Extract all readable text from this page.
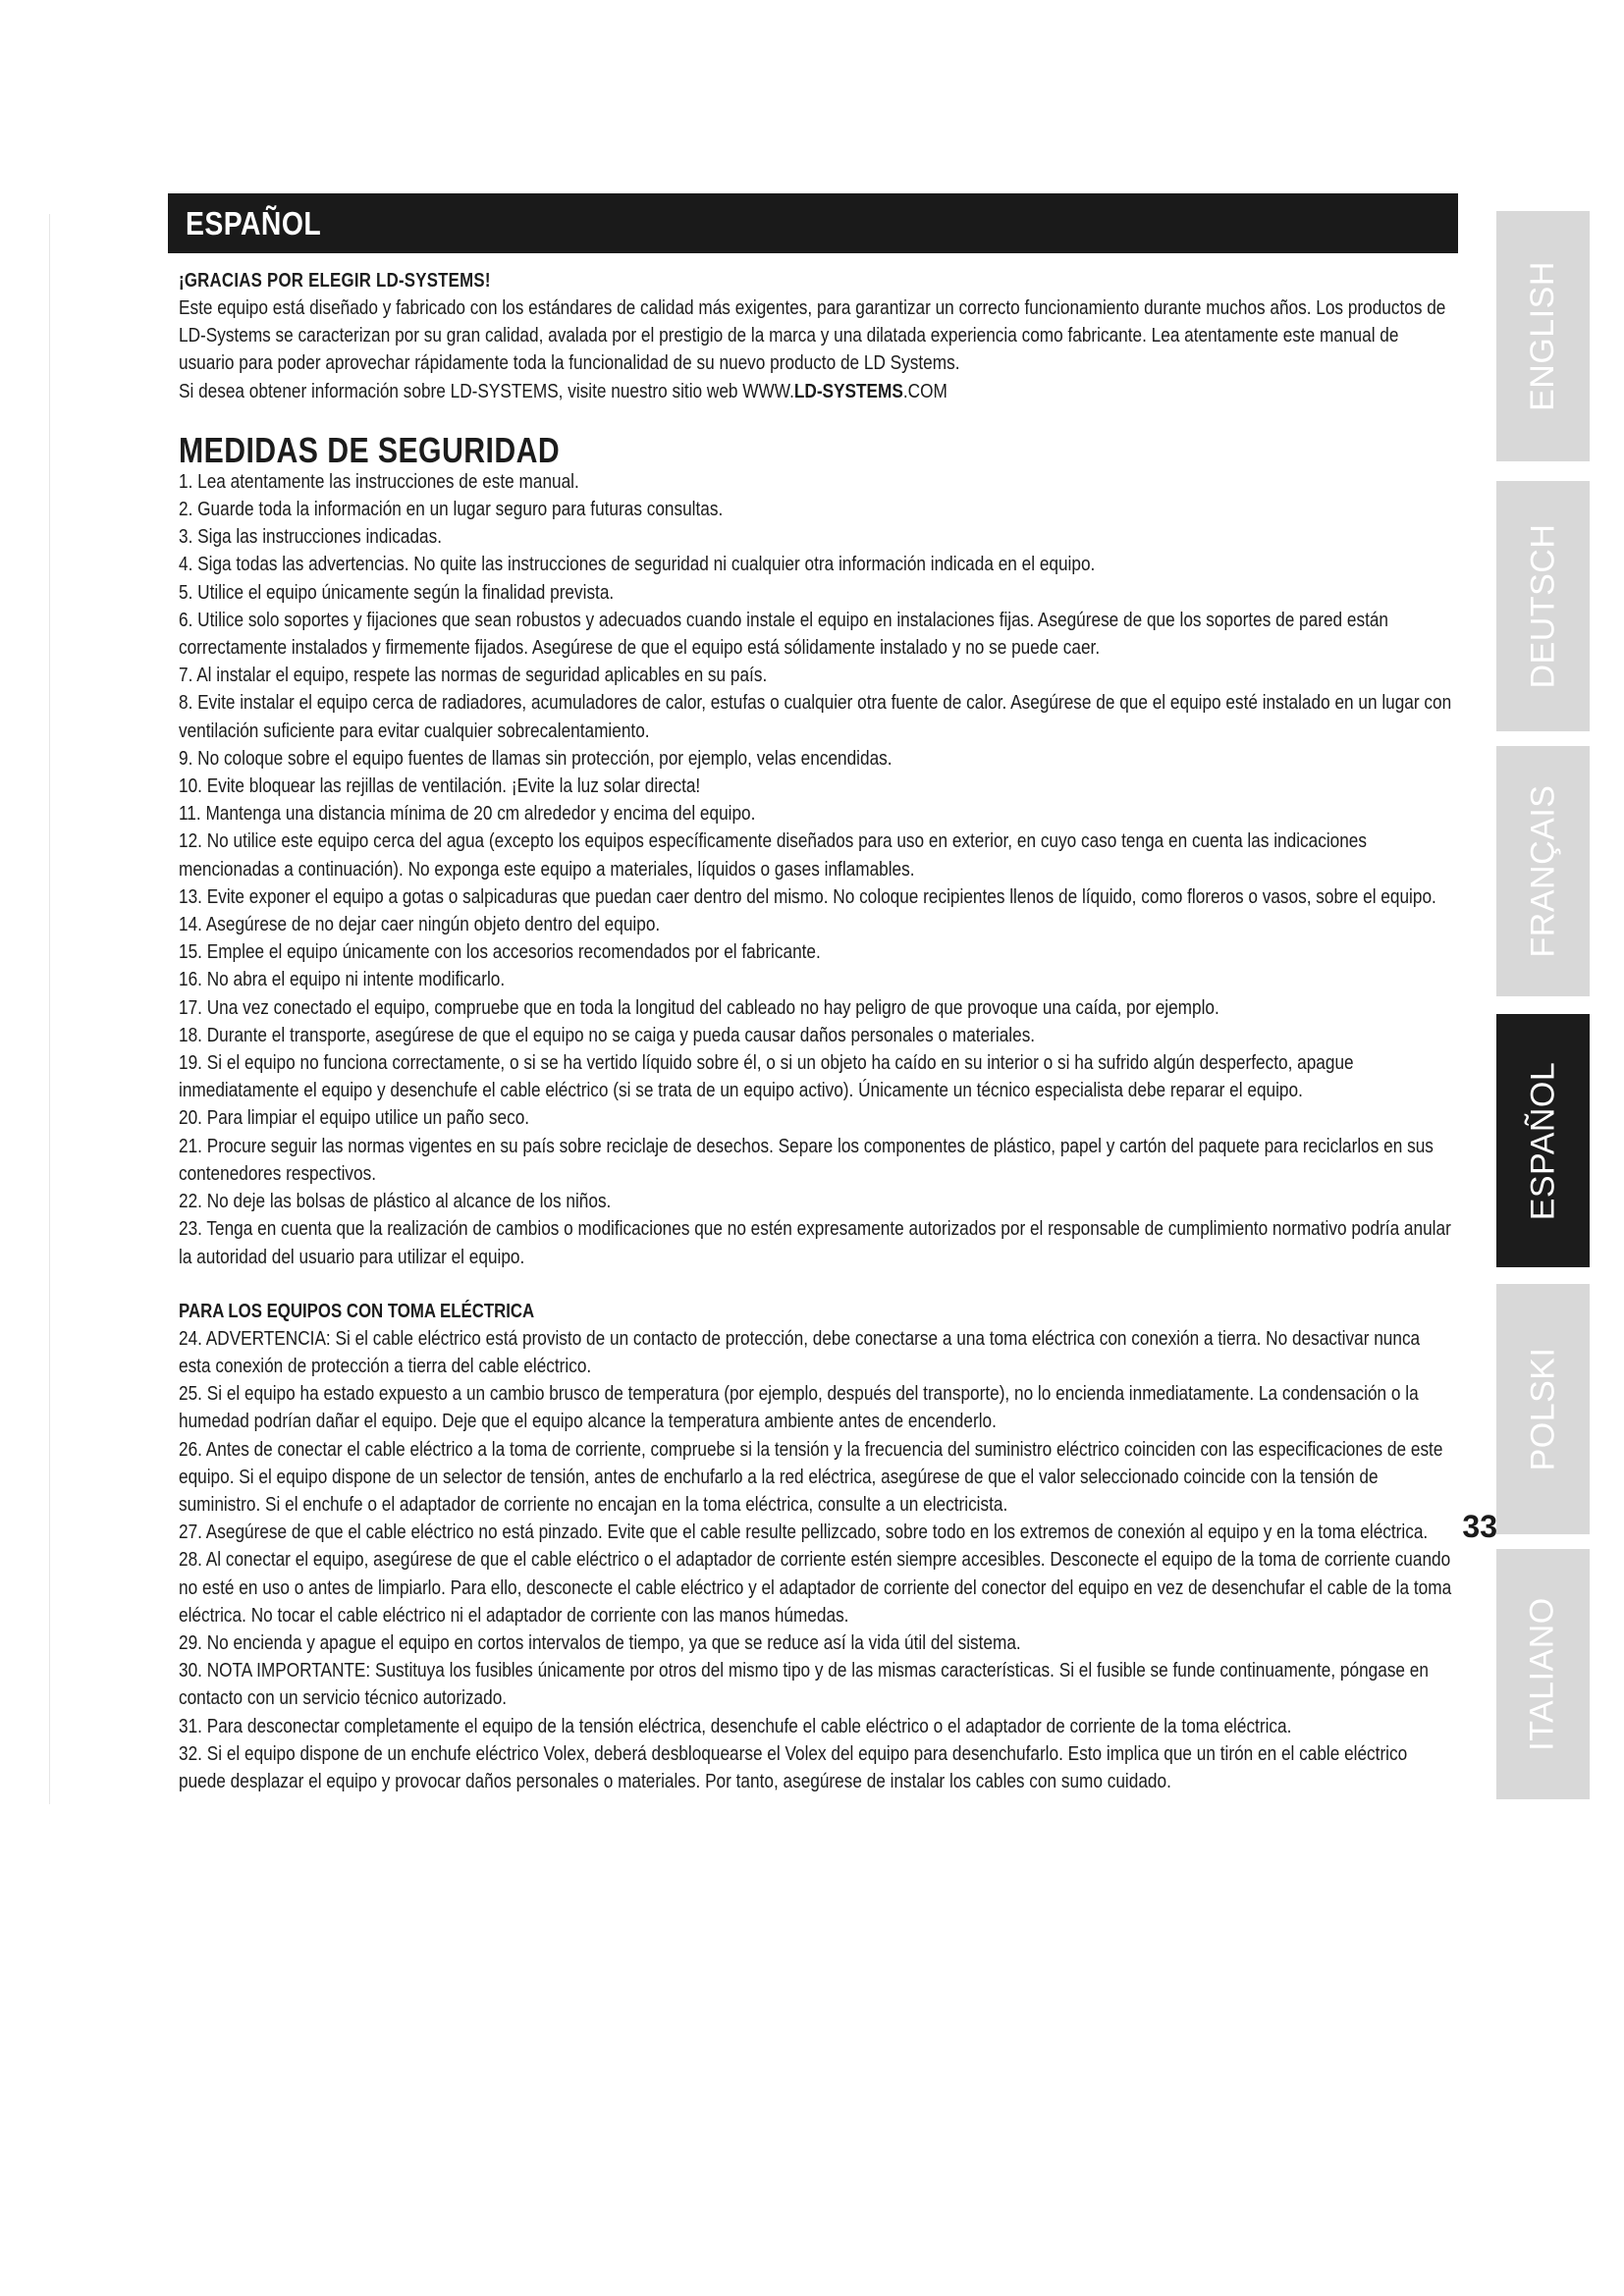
ESPAÑOL
¡GRACIAS POR ELEGIR LD-SYSTEMS!

Este equipo está diseñado y fabricado con los estándares de calidad más exigentes, para garantizar un correcto funcionamiento durante muchos años. Los productos de LD-Systems se caracterizan por su gran calidad, avalada por el prestigio de la marca y una dilatada experiencia como fabricante. Lea atentamente este manual de usuario para poder aprovechar rápidamente toda la funcionalidad de su nuevo producto de LD Systems.

Si desea obtener información sobre LD-SYSTEMS, visite nuestro sitio web WWW.LD-SYSTEMS.COM

MEDIDAS DE SEGURIDAD
1. Lea atentamente las instrucciones de este manual.
2. Guarde toda la información en un lugar seguro para futuras consultas.
3. Siga las instrucciones indicadas.
4. Siga todas las advertencias. No quite las instrucciones de seguridad ni cualquier otra información indicada en el equipo.
5. Utilice el equipo únicamente según la finalidad prevista.
6. Utilice solo soportes y fijaciones que sean robustos y adecuados cuando instale el equipo en instalaciones fijas. Asegúrese de que los soportes de pared están correctamente instalados y firmemente fijados. Asegúrese de que el equipo está sólidamente instalado y no se puede caer.
7. Al instalar el equipo, respete las normas de seguridad aplicables en su país.
8. Evite instalar el equipo cerca de radiadores, acumuladores de calor, estufas o cualquier otra fuente de calor. Asegúrese de que el equipo esté instalado en un lugar con ventilación suficiente para evitar cualquier sobrecalentamiento.
9. No coloque sobre el equipo fuentes de llamas sin protección, por ejemplo, velas encendidas.
10. Evite bloquear las rejillas de ventilación. ¡Evite la luz solar directa!
11. Mantenga una distancia mínima de 20 cm alrededor y encima del equipo.
12. No utilice este equipo cerca del agua (excepto los equipos específicamente diseñados para uso en exterior, en cuyo caso tenga en cuenta las indicaciones mencionadas a continuación). No exponga este equipo a materiales, líquidos o gases inflamables.
13. Evite exponer el equipo a gotas o salpicaduras que puedan caer dentro del mismo. No coloque recipientes llenos de líquido, como floreros o vasos, sobre el equipo.
14. Asegúrese de no dejar caer ningún objeto dentro del equipo.
15. Emplee el equipo únicamente con los accesorios recomendados por el fabricante.
16. No abra el equipo ni intente modificarlo.
17. Una vez conectado el equipo, compruebe que en toda la longitud del cableado no hay peligro de que provoque una caída, por ejemplo.
18. Durante el transporte, asegúrese de que el equipo no se caiga y pueda causar daños personales o materiales.
19. Si el equipo no funciona correctamente, o si se ha vertido líquido sobre él, o si un objeto ha caído en su interior o si ha sufrido algún desperfecto, apague inmediatamente el equipo y desenchufe el cable eléctrico (si se trata de un equipo activo). Únicamente un técnico especialista debe reparar el equipo.
20. Para limpiar el equipo utilice un paño seco.
21. Procure seguir las normas vigentes en su país sobre reciclaje de desechos. Separe los componentes de plástico, papel y cartón del paquete para reciclarlos en sus contenedores respectivos.
22. No deje las bolsas de plástico al alcance de los niños.
23. Tenga en cuenta que la realización de cambios o modificaciones que no estén expresamente autorizados por el responsable de cumplimiento normativo podría anular la autoridad del usuario para utilizar el equipo.
PARA LOS EQUIPOS CON TOMA ELÉCTRICA
24. ADVERTENCIA: Si el cable eléctrico está provisto de un contacto de protección, debe conectarse a una toma eléctrica con conexión a tierra. No desactivar nunca esta conexión de protección a tierra del cable eléctrico.
25. Si el equipo ha estado expuesto a un cambio brusco de temperatura (por ejemplo, después del transporte), no lo encienda inmediatamente. La condensación o la humedad podrían dañar el equipo. Deje que el equipo alcance la temperatura ambiente antes de encenderlo.
26. Antes de conectar el cable eléctrico a la toma de corriente, compruebe si la tensión y la frecuencia del suministro eléctrico coinciden con las especificaciones de este equipo. Si el equipo dispone de un selector de tensión, antes de enchufarlo a la red eléctrica, asegúrese de que el valor seleccionado coincide con la tensión de suministro. Si el enchufe o el adaptador de corriente no encajan en la toma eléctrica, consulte a un electricista.
27. Asegúrese de que el cable eléctrico no está pinzado. Evite que el cable resulte pellizcado, sobre todo en los extremos de conexión al equipo y en la toma eléctrica.
28. Al conectar el equipo, asegúrese de que el cable eléctrico o el adaptador de corriente estén siempre accesibles. Desconecte el equipo de la toma de corriente cuando no esté en uso o antes de limpiarlo. Para ello, desconecte el cable eléctrico y el adaptador de corriente del conector del equipo en vez de desenchufar el cable de la toma eléctrica. No tocar el cable eléctrico ni el adaptador de corriente con las manos húmedas.
29. No encienda y apague el equipo en cortos intervalos de tiempo, ya que se reduce así la vida útil del sistema.
30. NOTA IMPORTANTE: Sustituya los fusibles únicamente por otros del mismo tipo y de las mismas características. Si el fusible se funde continuamente, póngase en contacto con un servicio técnico autorizado.
31. Para desconectar completamente el equipo de la tensión eléctrica, desenchufe el cable eléctrico o el adaptador de corriente de la toma eléctrica.
32. Si el equipo dispone de un enchufe eléctrico Volex, deberá desbloquearse el Volex del equipo para desenchufarlo. Esto implica que un tirón en el cable eléctrico puede desplazar el equipo y provocar daños personales o materiales. Por tanto, asegúrese de instalar los cables con sumo cuidado.
ENGLISH
DEUTSCH
FRANÇAIS
ESPAÑOL
POLSKI
ITALIANO
33
